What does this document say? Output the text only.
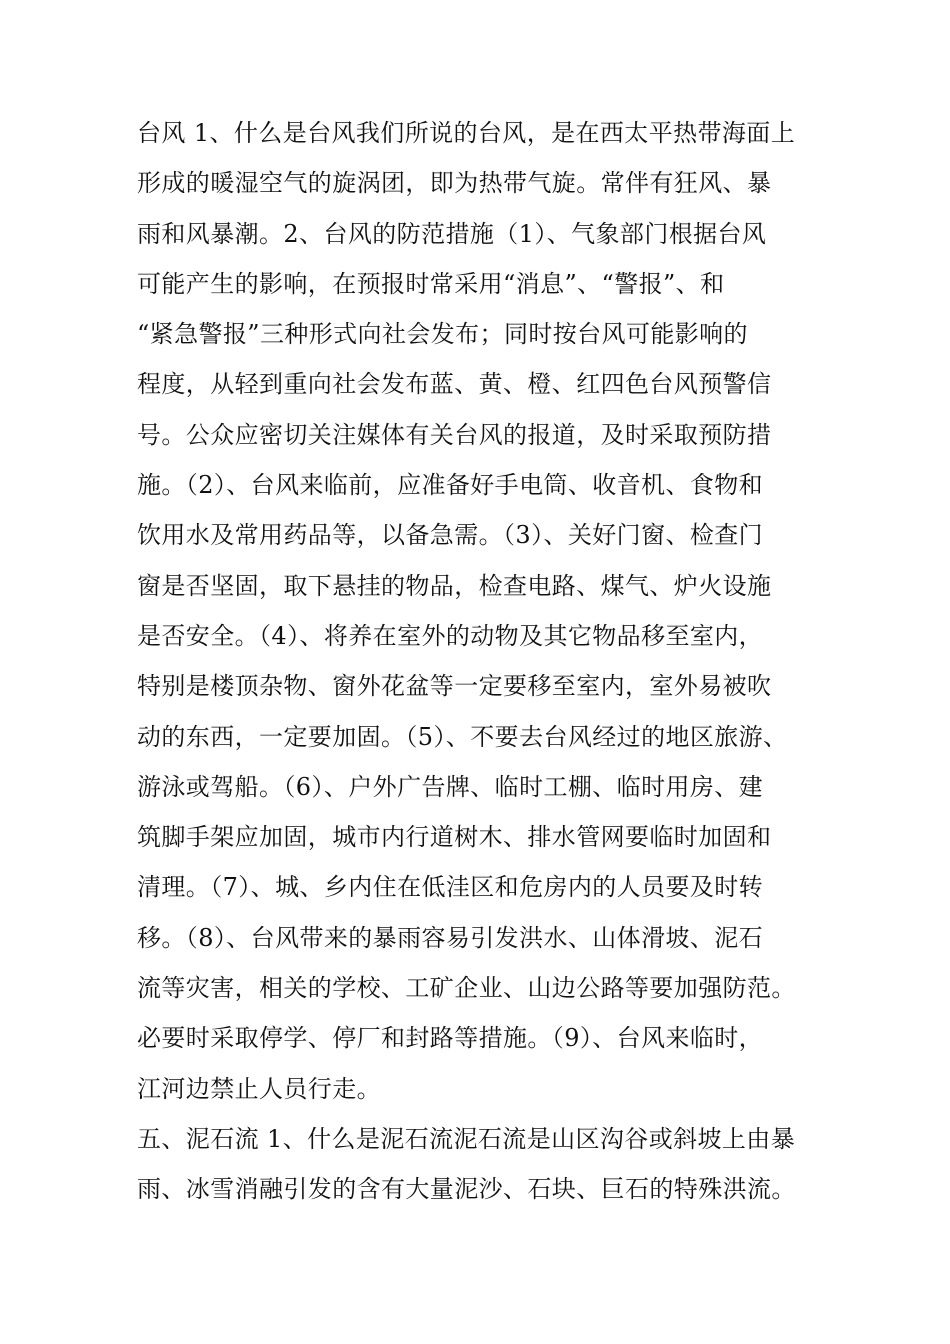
台风 1、什么是台风我们所说的台风，是在西太平热带海面上
形成的暖湿空气的旋涡团，即为热带气旋。常伴有狂风、暴
雨和风暴潮。2、台风的防范措施（1）、气象部门根据台风
可能产生的影响，在预报时常采用“消息”、“警报”、和
“紧急警报”三种形式向社会发布；同时按台风可能影响的
程度，从轻到重向社会发布蓝、黄、橙、红四色台风预警信
号。公众应密切关注媒体有关台风的报道，及时采取预防措
施。（2）、台风来临前，应准备好手电筒、收音机、食物和
饮用水及常用药品等，以备急需。（3）、关好门窗、检查门
窗是否坚固，取下悬挂的物品，检查电路、煤气、炉火设施
是否安全。（4）、将养在室外的动物及其它物品移至室内，
特别是楼顶杂物、窗外花盆等一定要移至室内，室外易被吹
动的东西，一定要加固。（5）、不要去台风经过的地区旅游、
游泳或驾船。（6）、户外广告牌、临时工棚、临时用房、建
筑脚手架应加固，城市内行道树木、排水管网要临时加固和
清理。（7）、城、乡内住在低洼区和危房内的人员要及时转
移。（8）、台风带来的暴雨容易引发洪水、山体滑坡、泥石
流等灾害，相关的学校、工矿企业、山边公路等要加强防范。
必要时采取停学、停厂和封路等措施。（9）、台风来临时，
江河边禁止人员行走。
五、泥石流 1、什么是泥石流泥石流是山区沟谷或斜坡上由暴
雨、冰雪消融引发的含有大量泥沙、石块、巨石的特殊洪流。
